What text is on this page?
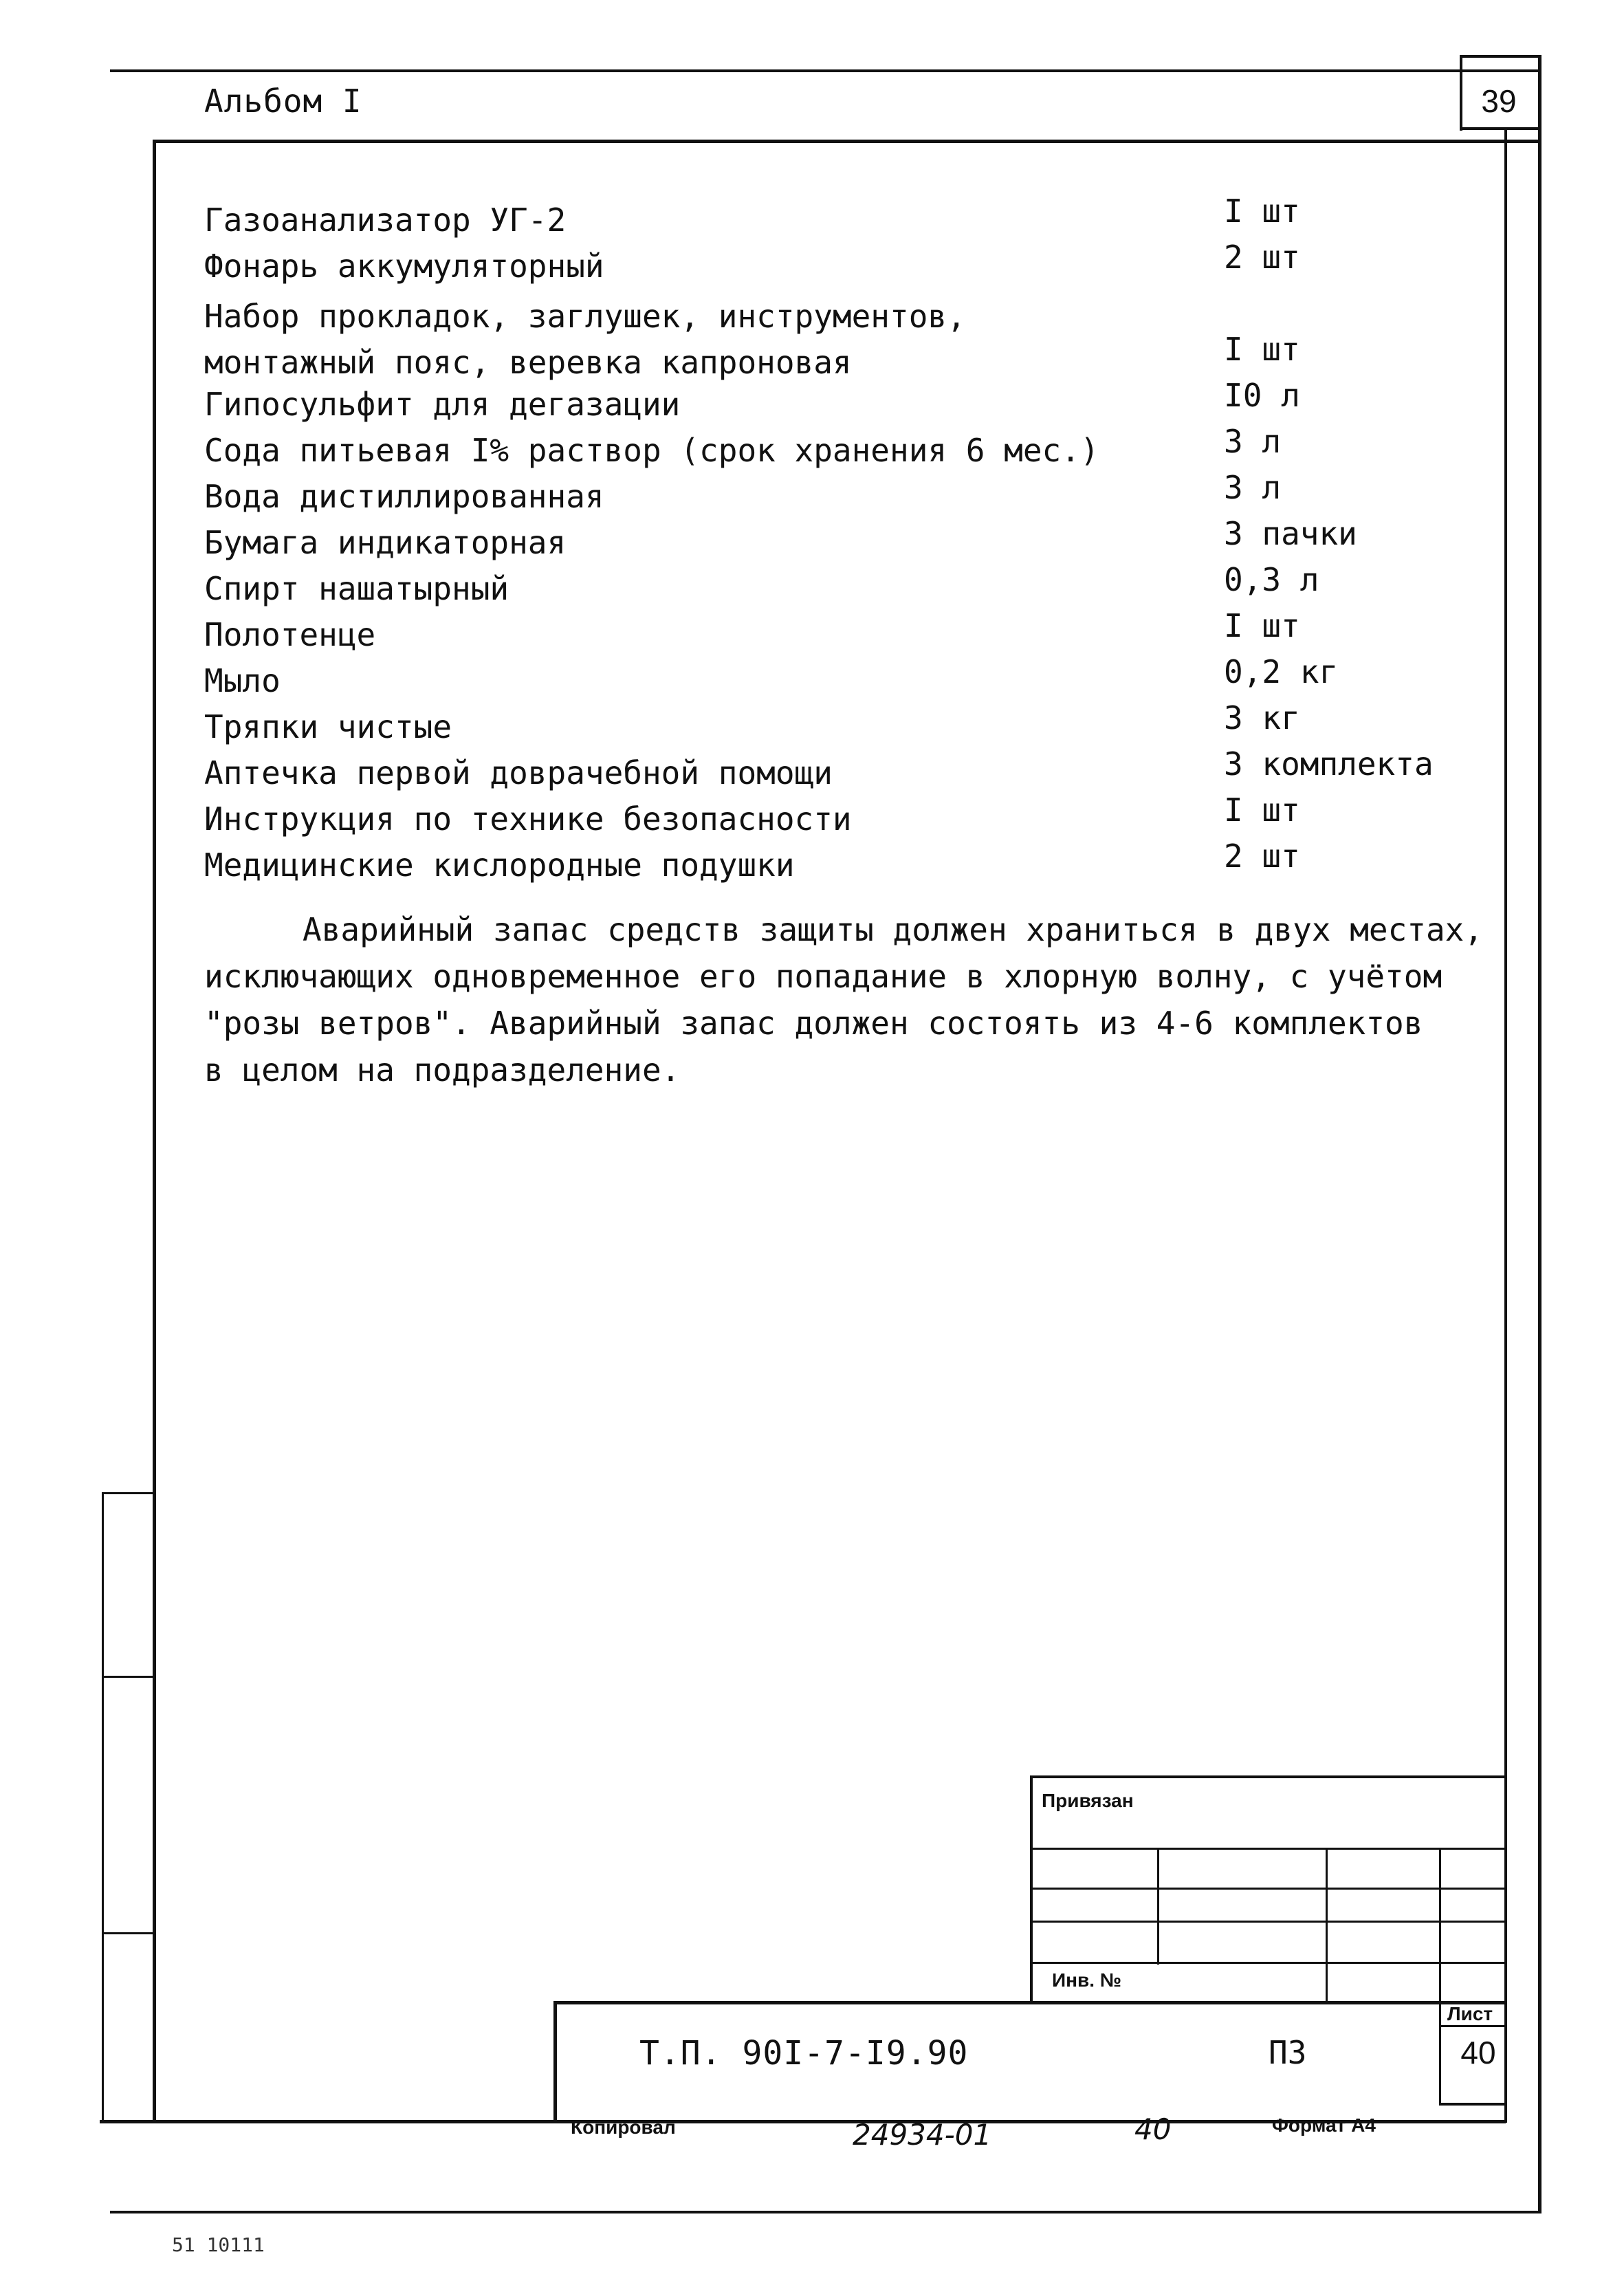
Альбом I	39
Газоанализатор УГ-2	I шт
Фонарь аккумуляторный	2 шт
Набор прокладок, заглушек, инструментов,
монтажный пояс, веревка капроновая	I шт
Гипосульфит для дегазации	I0 л
Сода питьевая I% раствор (срок хранения 6 мес.)	3 л
Вода дистиллированная	3 л
Бумага индикаторная	3 пачки
Спирт нашатырный	0,3 л
Полотенце	I шт
Мыло	0,2 кг
Тряпки чистые	3 кг
Аптечка первой доврачебной помощи	3 комплекта
Инструкция по технике безопасности	I шт
Медицинские кислородные подушки	2 шт

Аварийный запас средств защиты должен храниться в двух местах,

исключающих одновременное его попадание в хлорную волну, с учётом

"розы ветров". Аварийный запас должен состоять из 4-6 комплектов

в целом на подразделение.

Привязан
Инв. №
Лист
Т.П. 90I-7-I9.90	ПЗ	40
Копировал	24934-01	40	Формат А4
51 10111
